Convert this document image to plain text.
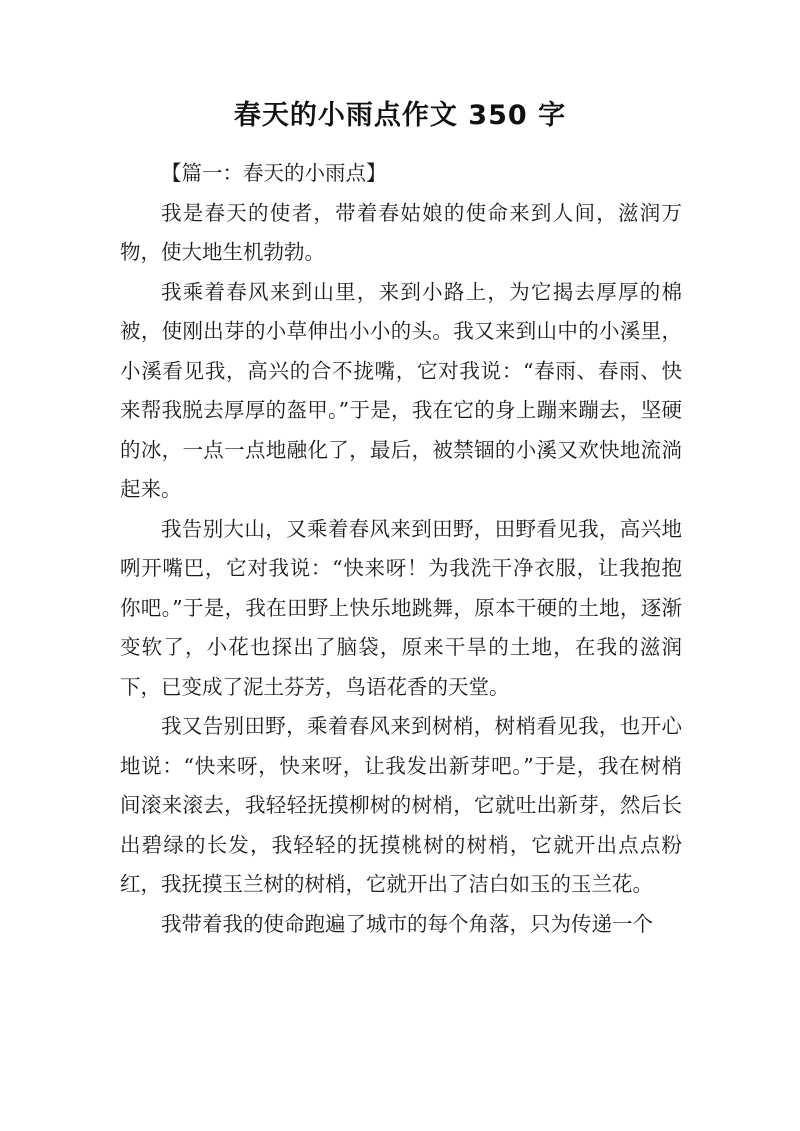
春天的小雨点作文 350 字

【篇一：春天的小雨点】

我是春天的使者，带着春姑娘的使命来到人间，滋润万物，使大地生机勃勃。

我乘着春风来到山里，来到小路上，为它揭去厚厚的棉被，使刚出芽的小草伸出小小的头。我又来到山中的小溪里，小溪看见我，高兴的合不拢嘴，它对我说：“春雨、春雨、快来帮我脱去厚厚的盔甲。”于是，我在它的身上蹦来蹦去，坚硬的冰，一点一点地融化了，最后，被禁锢的小溪又欢快地流淌起来。

我告别大山，又乘着春风来到田野，田野看见我，高兴地咧开嘴巴，它对我说：“快来呀！为我洗干净衣服，让我抱抱你吧。”于是，我在田野上快乐地跳舞，原本干硬的土地，逐渐变软了，小花也探出了脑袋，原来干旱的土地，在我的滋润下，已变成了泥土芬芳，鸟语花香的天堂。

我又告别田野，乘着春风来到树梢，树梢看见我，也开心地说：“快来呀，快来呀，让我发出新芽吧。”于是，我在树梢间滚来滚去，我轻轻抚摸柳树的树梢，它就吐出新芽，然后长出碧绿的长发，我轻轻的抚摸桃树的树梢，它就开出点点粉红，我抚摸玉兰树的树梢，它就开出了洁白如玉的玉兰花。

我带着我的使命跑遍了城市的每个角落，只为传递一个
